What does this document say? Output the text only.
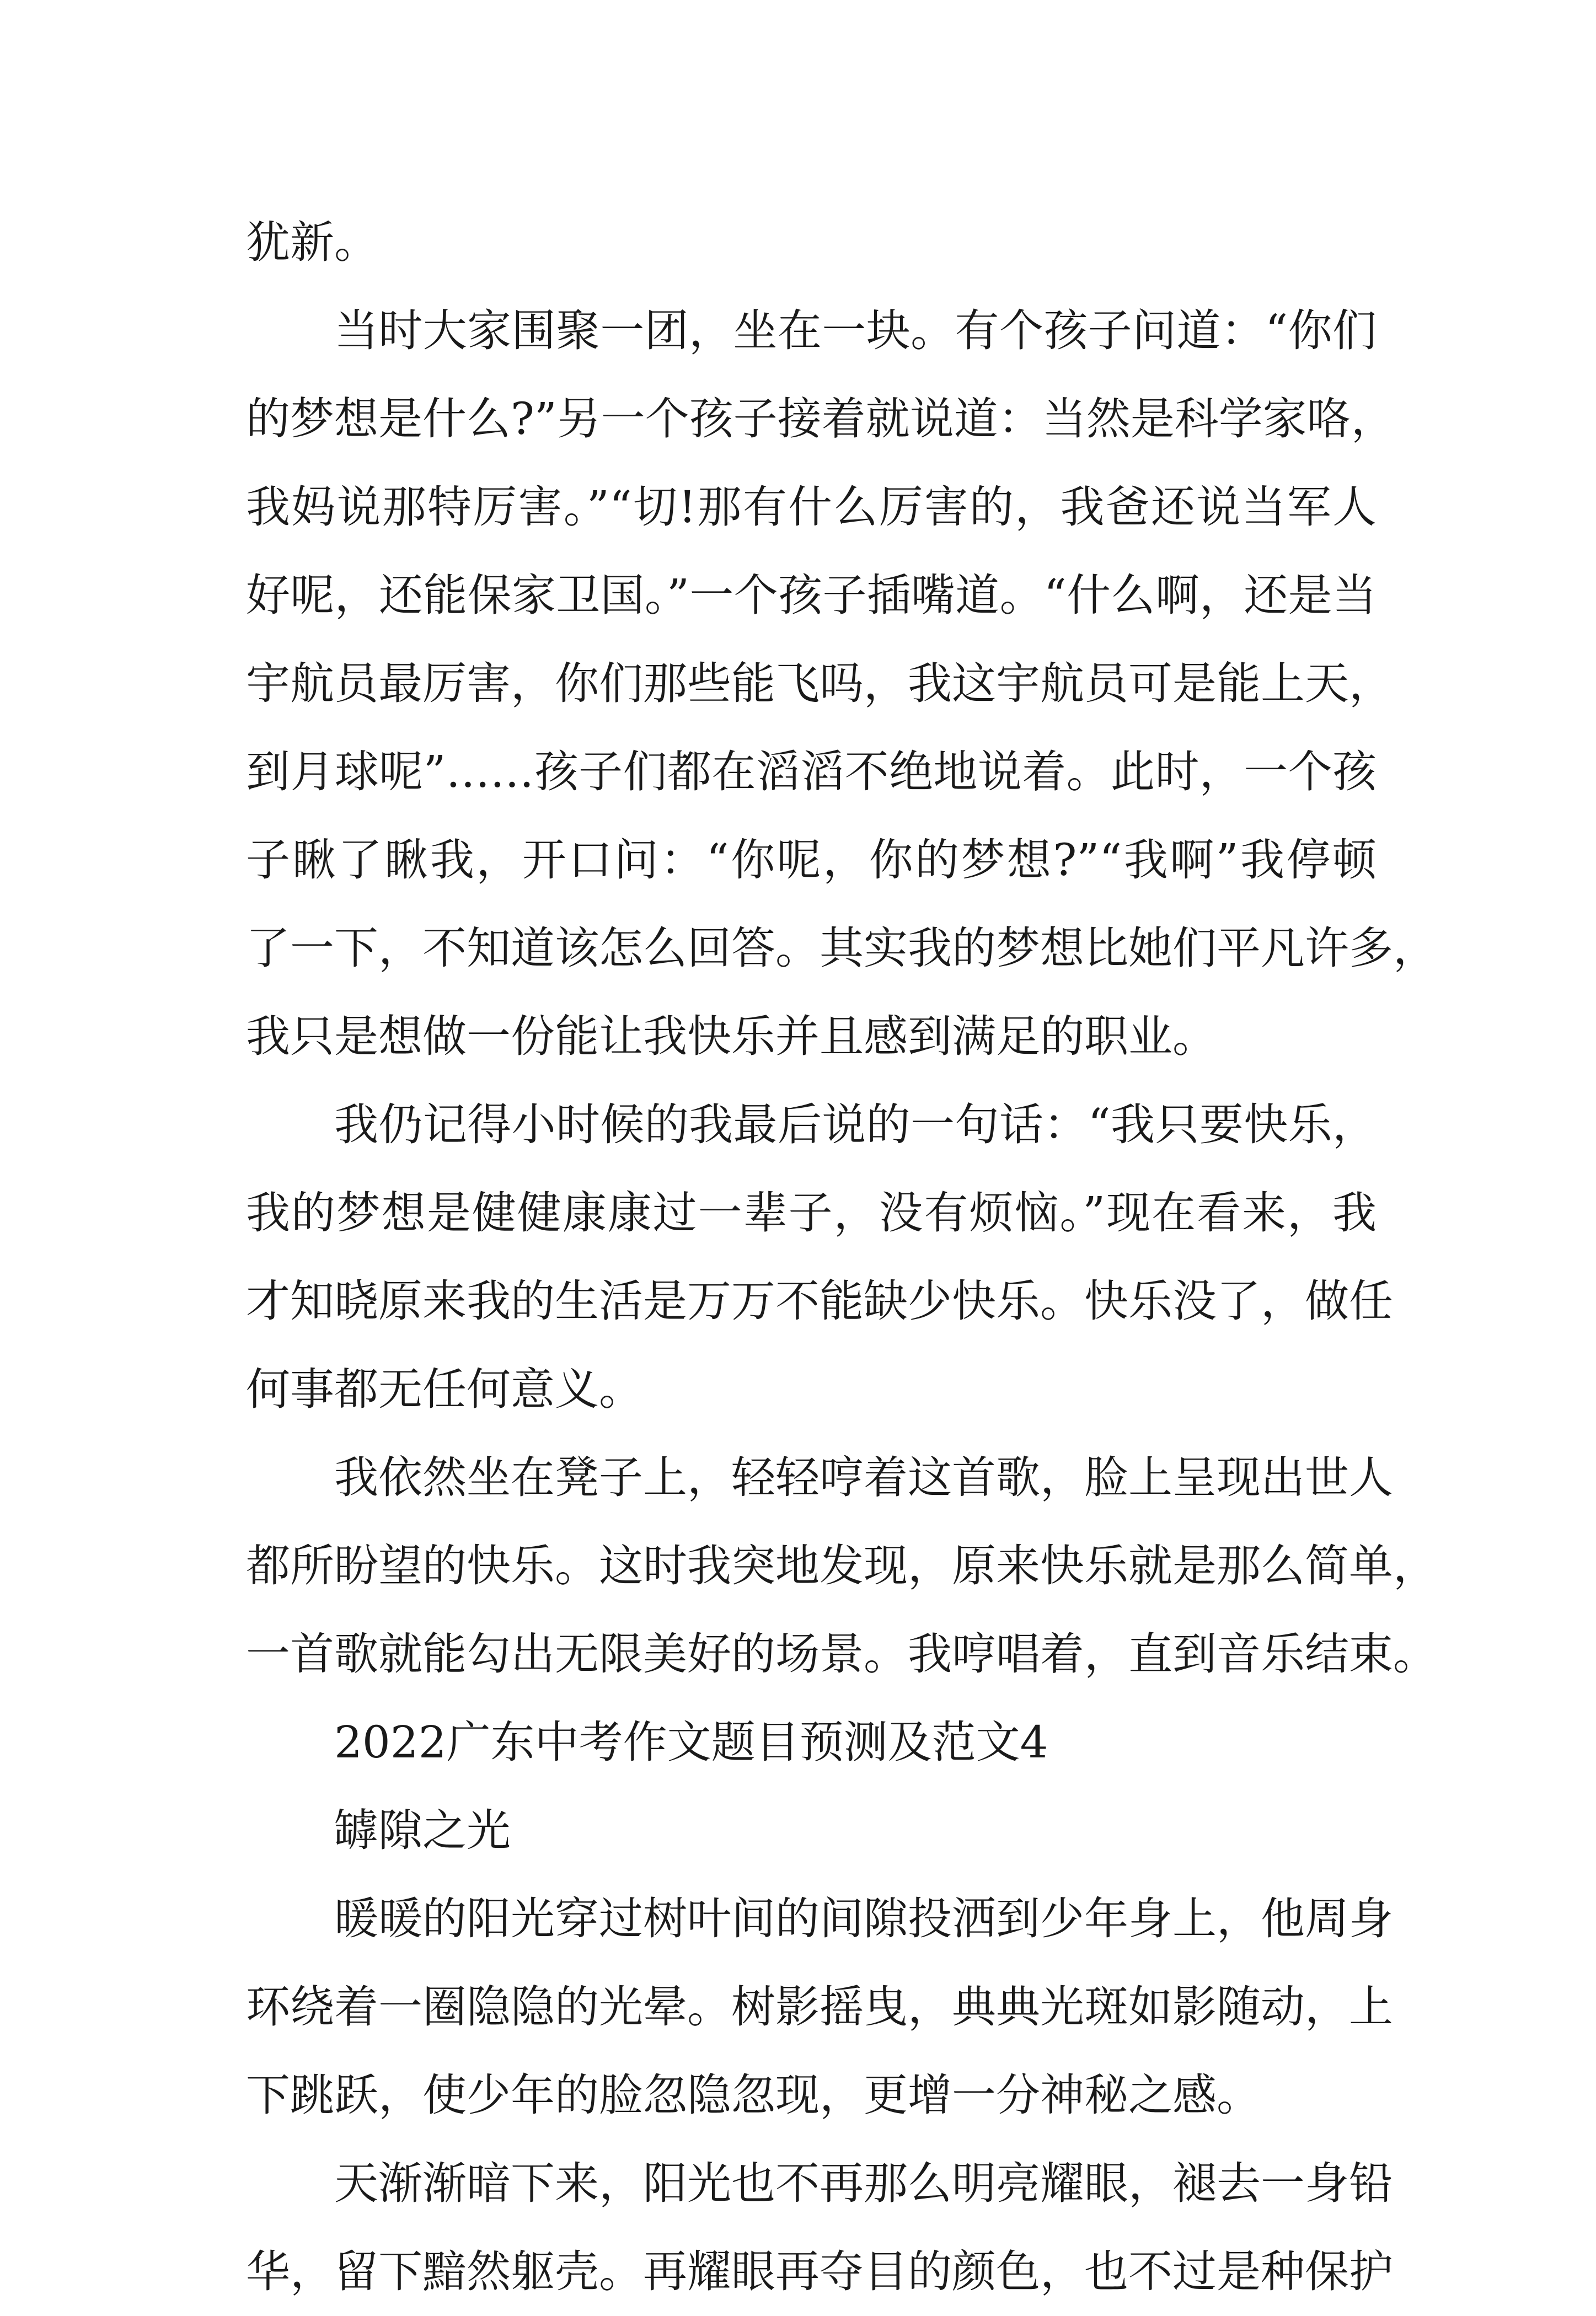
犹新。
当时大家围聚一团，坐在一块。有个孩子问道：“你们
的梦想是什么?”另一个孩子接着就说道：当然是科学家咯，
我妈说那特厉害。”“切!那有什么厉害的，我爸还说当军人
好呢，还能保家卫国。”一个孩子插嘴道。“什么啊，还是当
宇航员最厉害，你们那些能飞吗，我这宇航员可是能上天，
到月球呢”……孩子们都在滔滔不绝地说着。此时，一个孩
子瞅了瞅我，开口问：“你呢，你的梦想?”“我啊”我停顿
了一下，不知道该怎么回答。其实我的梦想比她们平凡许多，
我只是想做一份能让我快乐并且感到满足的职业。
我仍记得小时候的我最后说的一句话：“我只要快乐，
我的梦想是健健康康过一辈子，没有烦恼。”现在看来，我
才知晓原来我的生活是万万不能缺少快乐。快乐没了，做任
何事都无任何意义。
我依然坐在凳子上，轻轻哼着这首歌，脸上呈现出世人
都所盼望的快乐。这时我突地发现，原来快乐就是那么简单，
一首歌就能勾出无限美好的场景。我哼唱着，直到音乐结束。
2022广东中考作文题目预测及范文4
罅隙之光
暖暖的阳光穿过树叶间的间隙投洒到少年身上，他周身
环绕着一圈隐隐的光晕。树影摇曳，典典光斑如影随动，上
下跳跃，使少年的脸忽隐忽现，更增一分神秘之感。
天渐渐暗下来，阳光也不再那么明亮耀眼，褪去一身铅
华，留下黯然躯壳。再耀眼再夺目的颜色，也不过是种保护
